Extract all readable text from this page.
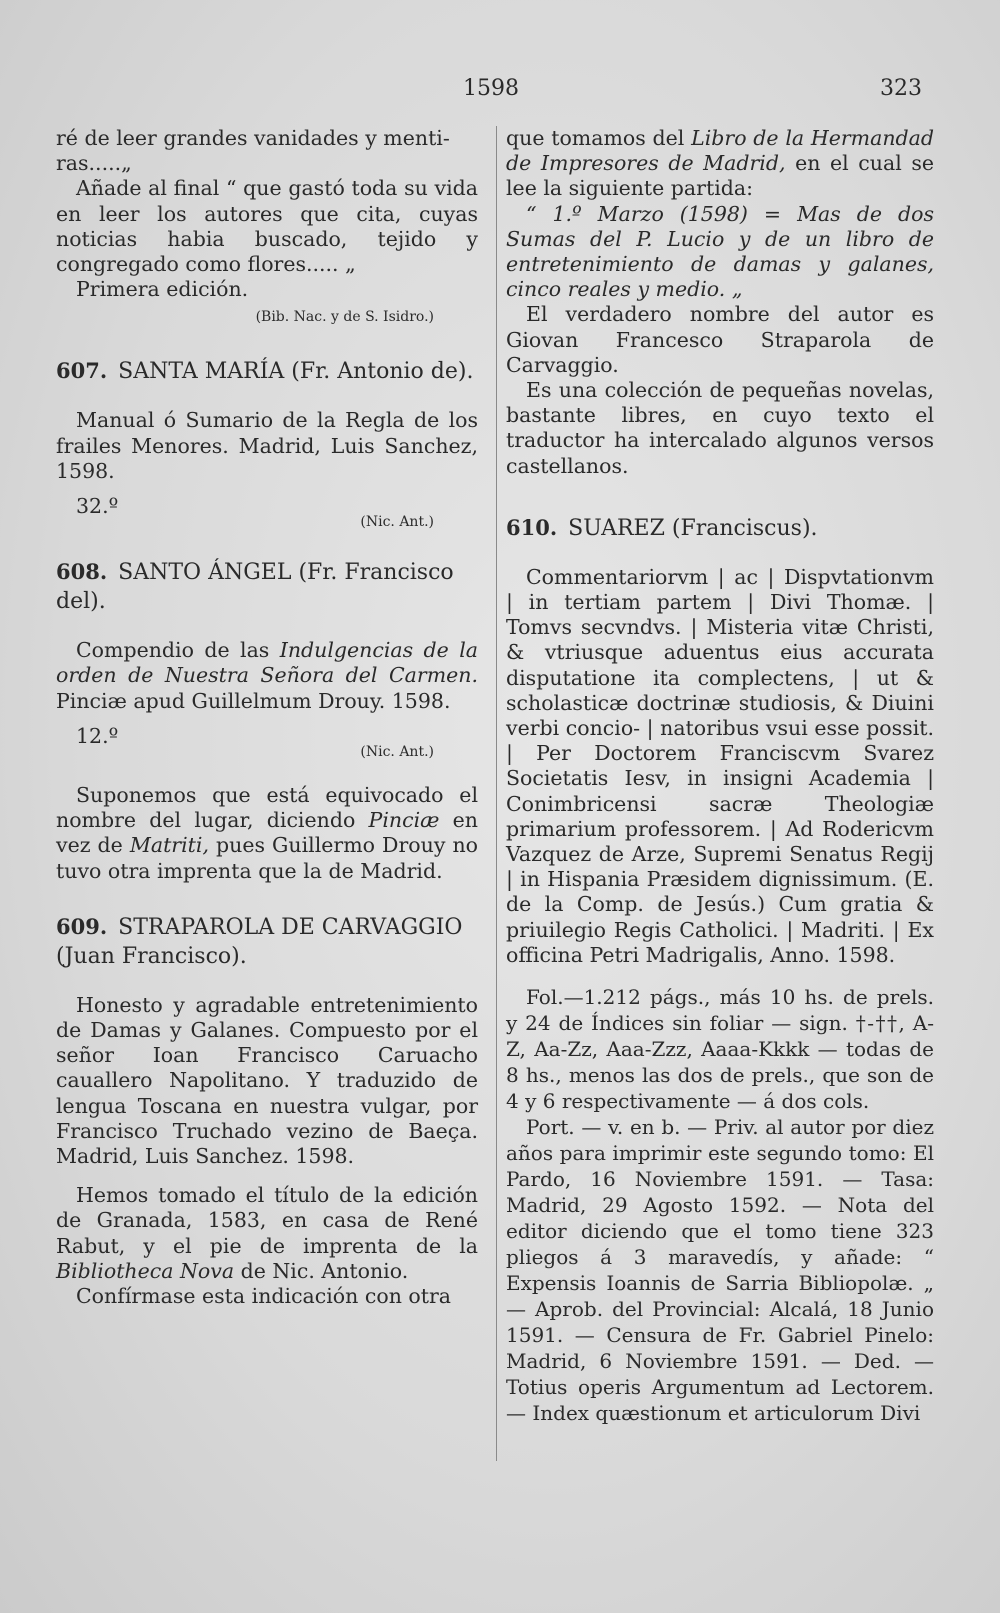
1598	323

ré de leer grandes vanidades y menti-

ras.....„

Añade al final “ que gastó toda su vida en leer los autores que cita, cuyas noticias habia buscado, tejido y congregado como flores..... „

Primera edición.

(Bib. Nac. y de S. Isidro.)
607. SANTA MARÍA (Fr. Antonio de).

Manual ó Sumario de la Regla de los frailes Menores. Madrid, Luis Sanchez, 1598.

32.º

(Nic. Ant.)
608. SANTO ÁNGEL (Fr. Francisco del).

Compendio de las Indulgencias de la orden de Nuestra Señora del Carmen. Pinciæ apud Guillelmum Drouy. 1598.

12.º

(Nic. Ant.)

Suponemos que está equivocado el nombre del lugar, diciendo Pinciæ en vez de Matriti, pues Guillermo Drouy no tuvo otra imprenta que la de Madrid.

609. STRAPAROLA DE CARVAGGIO (Juan Francisco).

Honesto y agradable entretenimiento de Damas y Galanes. Compuesto por el señor Ioan Francisco Caruacho cauallero Napolitano. Y traduzido de lengua Toscana en nuestra vulgar, por Francisco Truchado vezino de Baeça. Madrid, Luis Sanchez. 1598.

Hemos tomado el título de la edición de Granada, 1583, en casa de René Rabut, y el pie de imprenta de la Bibliotheca Nova de Nic. Antonio.

Confírmase esta indicación con otra

que tomamos del Libro de la Hermandad de Impresores de Madrid, en el cual se lee la siguiente partida:

“ 1.º Marzo (1598) = Mas de dos Sumas del P. Lucio y de un libro de entretenimiento de damas y galanes, cinco reales y medio. „

El verdadero nombre del autor es Giovan Francesco Straparola de Carvaggio.

Es una colección de pequeñas novelas, bastante libres, en cuyo texto el traductor ha intercalado algunos versos castellanos.

610. SUAREZ (Franciscus).

Commentariorvm | ac | Dispvtationvm | in tertiam partem | Divi Thomæ. | Tomvs secvndvs. | Misteria vitæ Christi, & vtriusque aduentus eius accurata disputatione ita complectens, | ut & scholasticæ doctrinæ studiosis, & Diuini verbi concio- | natoribus vsui esse possit. | Per Doctorem Franciscvm Svarez Societatis Iesv, in insigni Academia | Conimbricensi sacræ Theologiæ primarium professorem. | Ad Rodericvm Vazquez de Arze, Supremi Senatus Regij | in Hispania Præsidem dignissimum. (E. de la Comp. de Jesús.) Cum gratia & priuilegio Regis Catholici. | Madriti. | Ex officina Petri Madrigalis, Anno. 1598.

Fol.—1.212 págs., más 10 hs. de prels. y 24 de Índices sin foliar — sign. †-††, A-Z, Aa-Zz, Aaa-Zzz, Aaaa-Kkkk — todas de 8 hs., menos las dos de prels., que son de 4 y 6 respectivamente — á dos cols.

Port. — v. en b. — Priv. al autor por diez años para imprimir este segundo tomo: El Pardo, 16 Noviembre 1591. — Tasa: Madrid, 29 Agosto 1592. — Nota del editor diciendo que el tomo tiene 323 pliegos á 3 maravedís, y añade: “ Expensis Ioannis de Sarria Bibliopolæ. „ — Aprob. del Provincial: Alcalá, 18 Junio 1591. — Censura de Fr. Gabriel Pinelo: Madrid, 6 Noviembre 1591. — Ded. — Totius operis Argumentum ad Lectorem.— Index quæstionum et articulorum Divi
